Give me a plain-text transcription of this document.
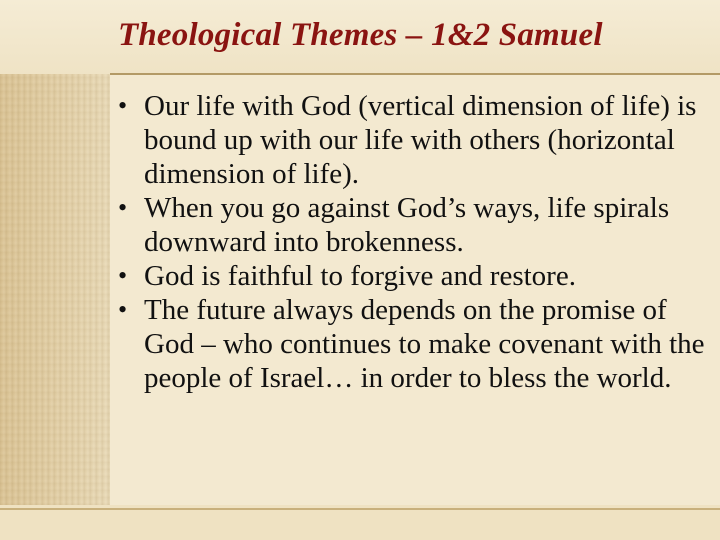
Theological Themes – 1&2 Samuel
• Our life with God (vertical dimension of life) is bound up with our life with others (horizontal dimension of life).
• When you go against God’s ways, life spirals downward into brokenness.
• God is faithful to forgive and restore.
• The future always depends on the promise of God – who continues to make covenant with the people of Israel… in order to bless the world.
